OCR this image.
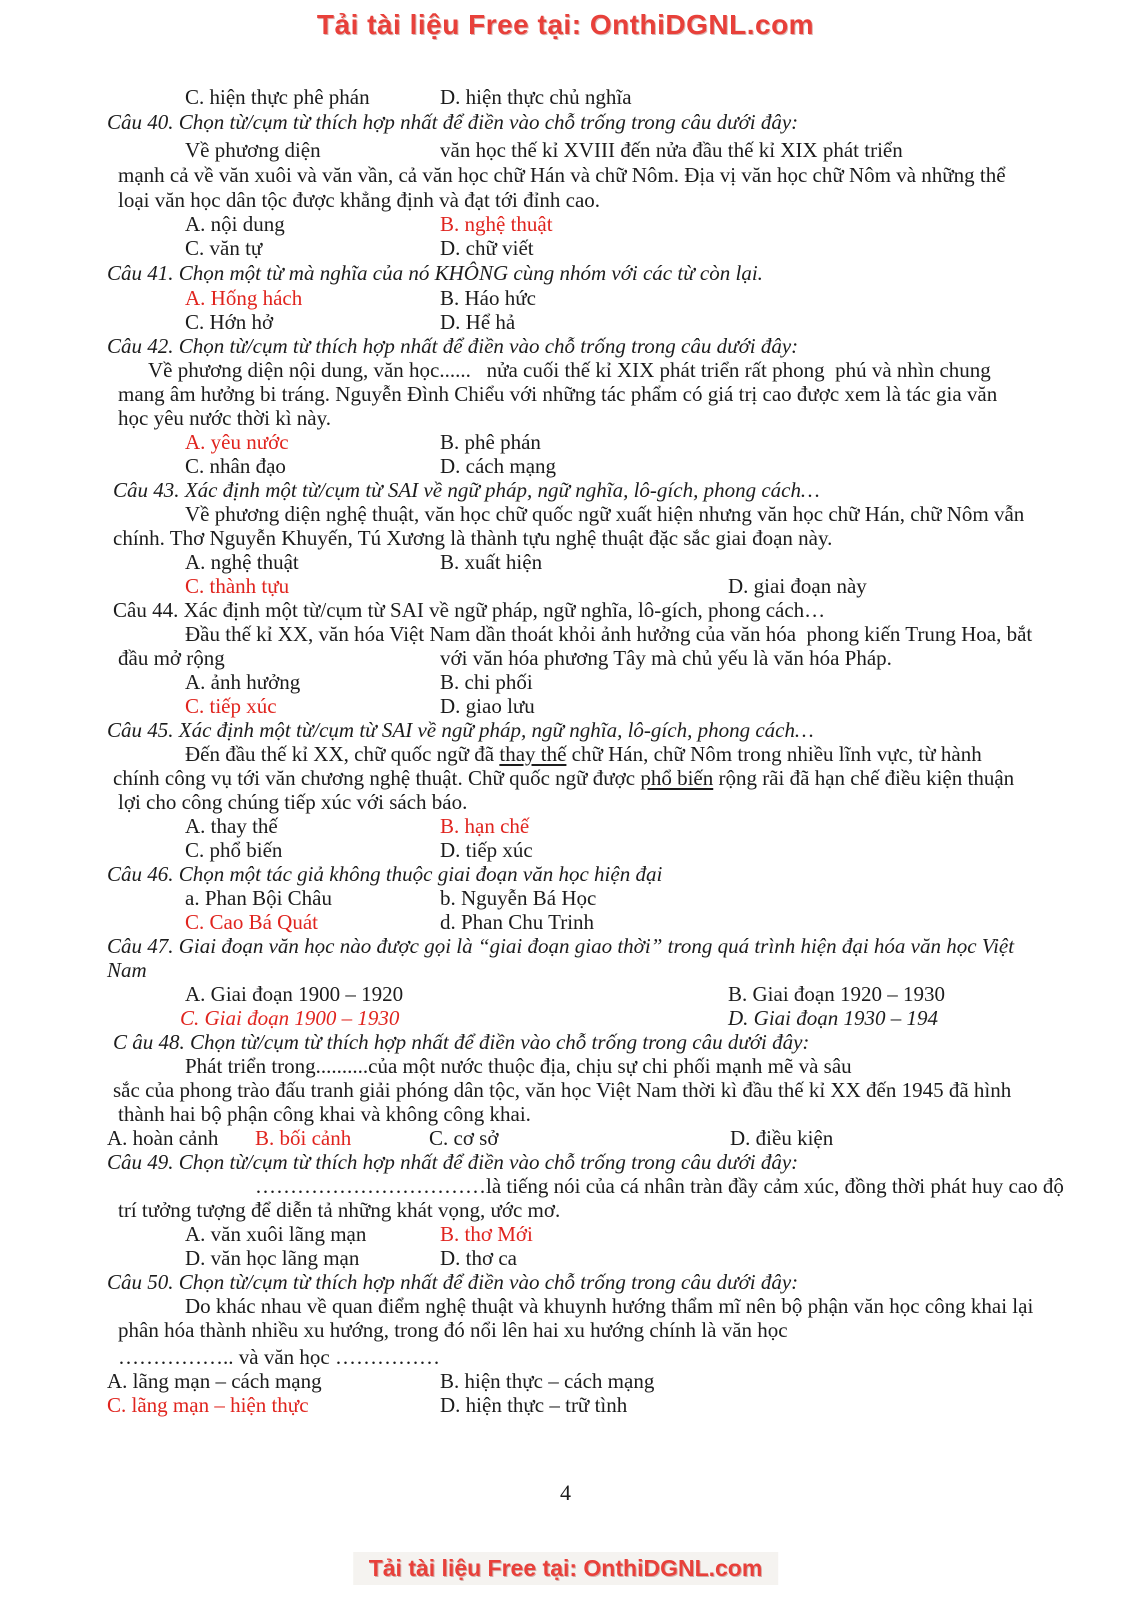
Tải tài liệu Free tại: OnthiDGNL.com
C. hiện thực phê phán	D. hiện thực chủ nghĩa
Câu 40. Chọn từ/cụm từ thích hợp nhất để điền vào chỗ trống trong câu dưới đây:
Về phương diện	văn học thế kỉ XVIII đến nửa đầu thế kỉ XIX phát triển
mạnh cả về văn xuôi và văn vần, cả văn học chữ Hán và chữ Nôm. Địa vị văn học chữ Nôm và những thể
loại văn học dân tộc được khẳng định và đạt tới đỉnh cao.
A. nội dung	B. nghệ thuật
C. văn tự	D. chữ viết
Câu 41. Chọn một từ mà nghĩa của nó KHÔNG cùng nhóm với các từ còn lại.
A. Hống hách	B. Háo hức
C. Hớn hở	D. Hể hả
Câu 42. Chọn từ/cụm từ thích hợp nhất để điền vào chỗ trống trong câu dưới đây:
Về phương diện nội dung, văn học......   nửa cuối thế kỉ XIX phát triển rất phong  phú và nhìn chung
mang âm hưởng bi tráng. Nguyễn Đình Chiểu với những tác phẩm có giá trị cao được xem là tác gia văn
học yêu nước thời kì này.
A. yêu nước	B. phê phán
C. nhân đạo	D. cách mạng
Câu 43. Xác định một từ/cụm từ SAI về ngữ pháp, ngữ nghĩa, lô-gích, phong cách…
Về phương diện nghệ thuật, văn học chữ quốc ngữ xuất hiện nhưng văn học chữ Hán, chữ Nôm vẫn
chính. Thơ Nguyễn Khuyến, Tú Xương là thành tựu nghệ thuật đặc sắc giai đoạn này.
A. nghệ thuật	B. xuất hiện
C. thành tựu	D. giai đoạn này
Câu 44. Xác định một từ/cụm từ SAI về ngữ pháp, ngữ nghĩa, lô-gích, phong cách…
Đầu thế kỉ XX, văn hóa Việt Nam dần thoát khỏi ảnh hưởng của văn hóa  phong kiến Trung Hoa, bắt
đầu mở rộng	với văn hóa phương Tây mà chủ yếu là văn hóa Pháp.
A. ảnh hưởng	B. chi phối
C. tiếp xúc	D. giao lưu
Câu 45. Xác định một từ/cụm từ SAI về ngữ pháp, ngữ nghĩa, lô-gích, phong cách…
Đến đầu thế kỉ XX, chữ quốc ngữ đã thay thế chữ Hán, chữ Nôm trong nhiều lĩnh vực, từ hành
chính công vụ tới văn chương nghệ thuật. Chữ quốc ngữ được phổ biến rộng rãi đã hạn chế điều kiện thuận
lợi cho công chúng tiếp xúc với sách báo.
A. thay thế	B. hạn chế
C. phổ biến	D. tiếp xúc
Câu 46. Chọn một tác giả không thuộc giai đoạn văn học hiện đại
a. Phan Bội Châu	b. Nguyễn Bá Học
C. Cao Bá Quát	d. Phan Chu Trinh
Câu 47. Giai đoạn văn học nào được gọi là “giai đoạn giao thời” trong quá trình hiện đại hóa văn học Việt
Nam
A. Giai đoạn 1900 – 1920	B. Giai đoạn 1920 – 1930
C. Giai đoạn 1900 – 1930	D. Giai đoạn 1930 – 194
C âu 48. Chọn từ/cụm từ thích hợp nhất để điền vào chỗ trống trong câu dưới đây:
Phát triển trong..........của một nước thuộc địa, chịu sự chi phối mạnh mẽ và sâu
sắc của phong trào đấu tranh giải phóng dân tộc, văn học Việt Nam thời kì đầu thế kỉ XX đến 1945 đã hình
thành hai bộ phận công khai và không công khai.
A. hoàn cảnh B. bối cảnh	C. cơ sở	D. điều kiện
Câu 49. Chọn từ/cụm từ thích hợp nhất để điền vào chỗ trống trong câu dưới đây:
……………………………là tiếng nói của cá nhân tràn đầy cảm xúc, đồng thời phát huy cao độ
trí tưởng tượng để diễn tả những khát vọng, ước mơ.
A. văn xuôi lãng mạn	B. thơ Mới
D. văn học lãng mạn	D. thơ ca
Câu 50. Chọn từ/cụm từ thích hợp nhất để điền vào chỗ trống trong câu dưới đây:
Do khác nhau về quan điểm nghệ thuật và khuynh hướng thẩm mĩ nên bộ phận văn học công khai lại
phân hóa thành nhiều xu hướng, trong đó nổi lên hai xu hướng chính là văn học
…………….. và văn học ……………
A. lãng mạn – cách mạng	B. hiện thực – cách mạng
C. lãng mạn – hiện thực	D. hiện thực – trữ tình
4
Tải tài liệu Free tại: OnthiDGNL.com
